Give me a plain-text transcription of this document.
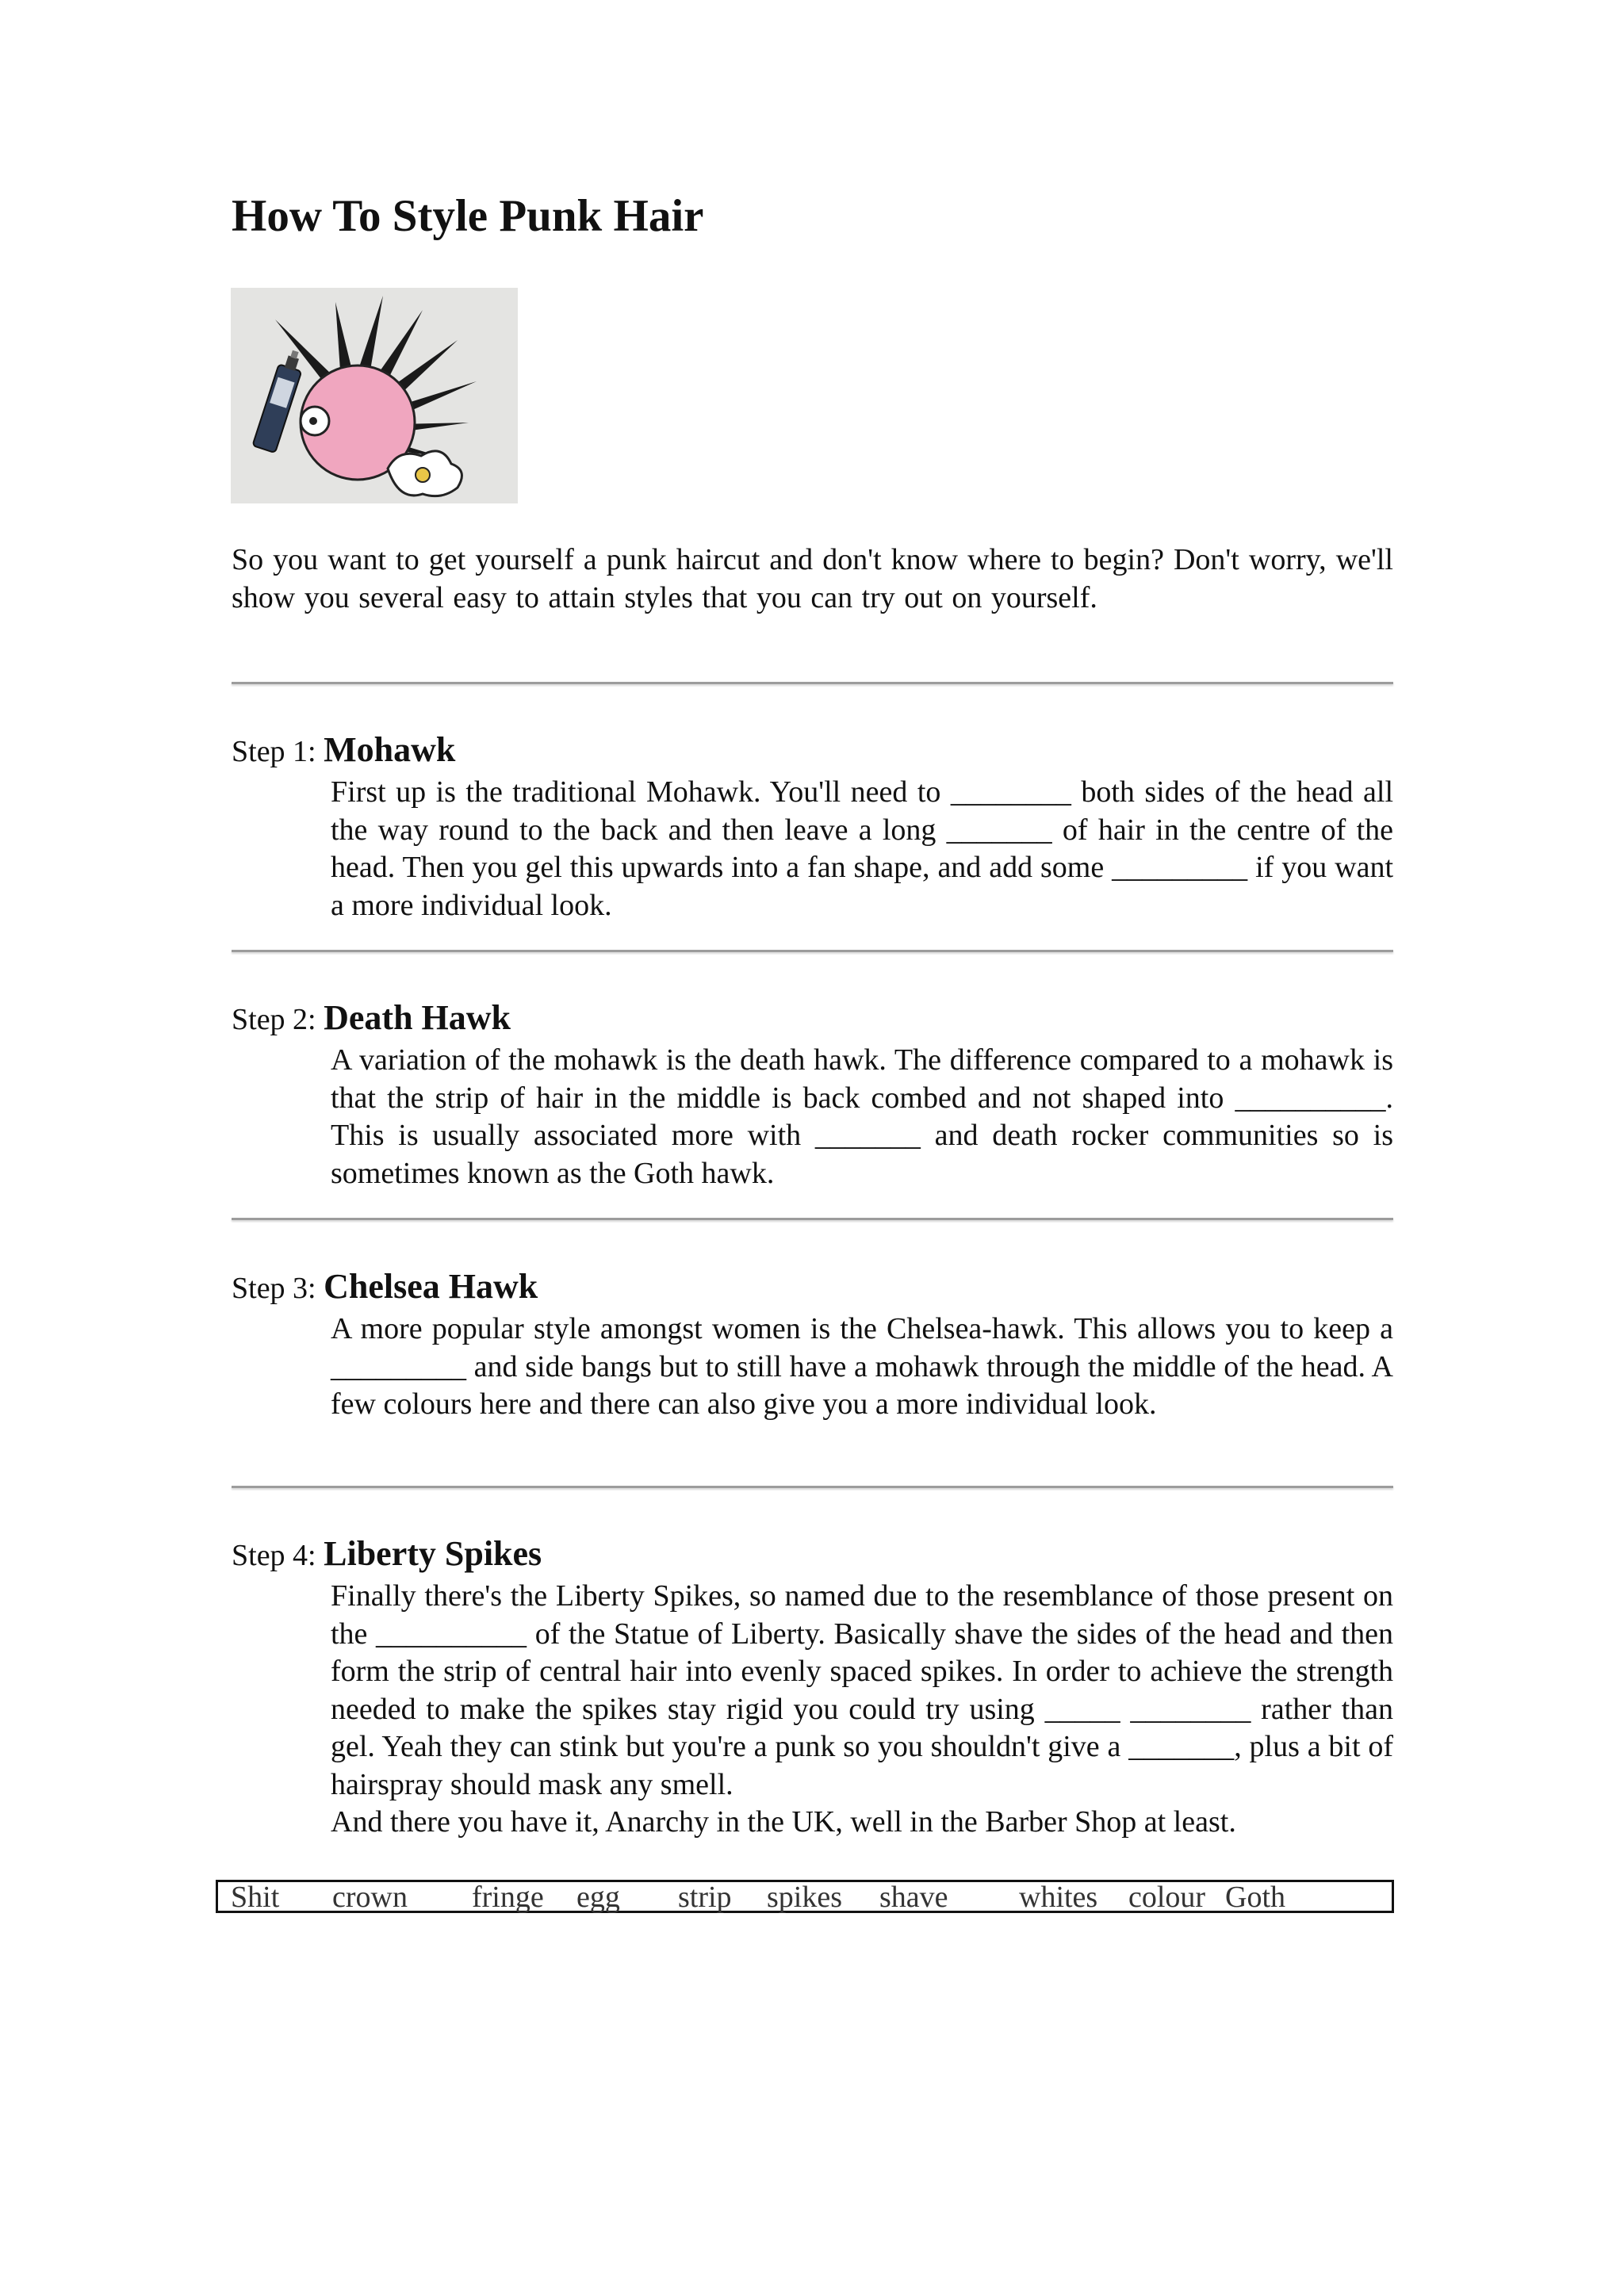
How To Style Punk Hair
So you want to get yourself a punk haircut and don't know where to begin? Don't worry, we'll show you several easy to attain styles that you can try out on yourself.
Step 1: Mohawk

First up is the traditional Mohawk. You'll need to ________ both sides of the head all the way round to the back and then leave a long _______ of hair in the centre of the head. Then you gel this upwards into a fan shape, and add some _________ if you want a more individual look.

Step 2: Death Hawk

A variation of the mohawk is the death hawk. The difference compared to a mohawk is that the strip of hair in the middle is back combed and not shaped into __________. This is usually associated more with _______ and death rocker communities so is sometimes known as the Goth hawk.

Step 3: Chelsea Hawk

A more popular style amongst women is the Chelsea-hawk. This allows you to keep a _________ and side bangs but to still have a mohawk through the middle of the head. A few colours here and there can also give you a more individual look.

Step 4: Liberty Spikes

Finally there's the Liberty Spikes, so named due to the resemblance of those present on the __________ of the Statue of Liberty. Basically shave the sides of the head and then form the strip of central hair into evenly spaced spikes. In order to achieve the strength needed to make the spikes stay rigid you could try using _____ ________ rather than gel. Yeah they can stink but you're a punk so you shouldn't give a _______, plus a bit of hairspray should mask any smell.

And there you have it, Anarchy in the UK, well in the Barber Shop at least.

Shit crown fringe egg strip spikes shave whites colour Goth
